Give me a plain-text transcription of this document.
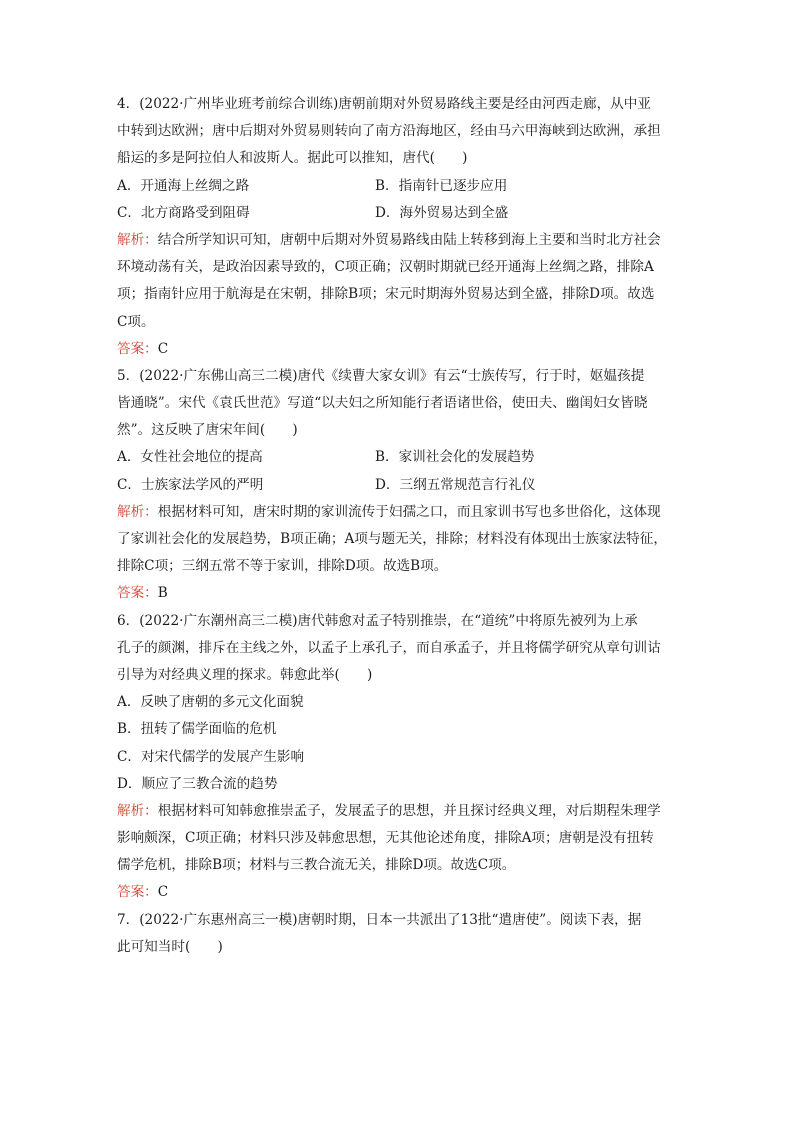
4．(2022·广州毕业班考前综合训练)唐朝前期对外贸易路线主要是经由河西走廊，从中亚
中转到达欧洲；唐中后期对外贸易则转向了南方沿海地区，经由马六甲海峡到达欧洲，承担
船运的多是阿拉伯人和波斯人。据此可以推知，唐代(　　)
A．开通海上丝绸之路	B．指南针已逐步应用
C．北方商路受到阻碍	D．海外贸易达到全盛
解析：结合所学知识可知，唐朝中后期对外贸易路线由陆上转移到海上主要和当时北方社会
环境动荡有关，是政治因素导致的，C项正确；汉朝时期就已经开通海上丝绸之路，排除A
项；指南针应用于航海是在宋朝，排除B项；宋元时期海外贸易达到全盛，排除D项。故选
C项。
答案：C
5．(2022·广东佛山高三二模)唐代《续曹大家女训》有云“士族传写，行于时，妪媪孩提
皆通晓”。宋代《袁氏世范》写道“以夫妇之所知能行者语诸世俗，使田夫、幽闺妇女皆晓
然”。这反映了唐宋年间(　　)
A．女性社会地位的提高	B．家训社会化的发展趋势
C．士族家法学风的严明	D．三纲五常规范言行礼仪
解析：根据材料可知，唐宋时期的家训流传于妇孺之口，而且家训书写也多世俗化，这体现
了家训社会化的发展趋势，B项正确；A项与题无关，排除；材料没有体现出士族家法特征，
排除C项；三纲五常不等于家训，排除D项。故选B项。
答案：B
6．(2022·广东潮州高三二模)唐代韩愈对孟子特别推崇，在“道统”中将原先被列为上承
孔子的颜渊，排斥在主线之外，以孟子上承孔子，而自承孟子，并且将儒学研究从章句训诂
引导为对经典义理的探求。韩愈此举(　　)
A．反映了唐朝的多元文化面貌
B．扭转了儒学面临的危机
C．对宋代儒学的发展产生影响
D．顺应了三教合流的趋势
解析：根据材料可知韩愈推崇孟子，发展孟子的思想，并且探讨经典义理，对后期程朱理学
影响颇深，C项正确；材料只涉及韩愈思想，无其他论述角度，排除A项；唐朝是没有扭转
儒学危机，排除B项；材料与三教合流无关，排除D项。故选C项。
答案：C
7．(2022·广东惠州高三一模)唐朝时期，日本一共派出了13批“遣唐使”。阅读下表，据
此可知当时(　　)
